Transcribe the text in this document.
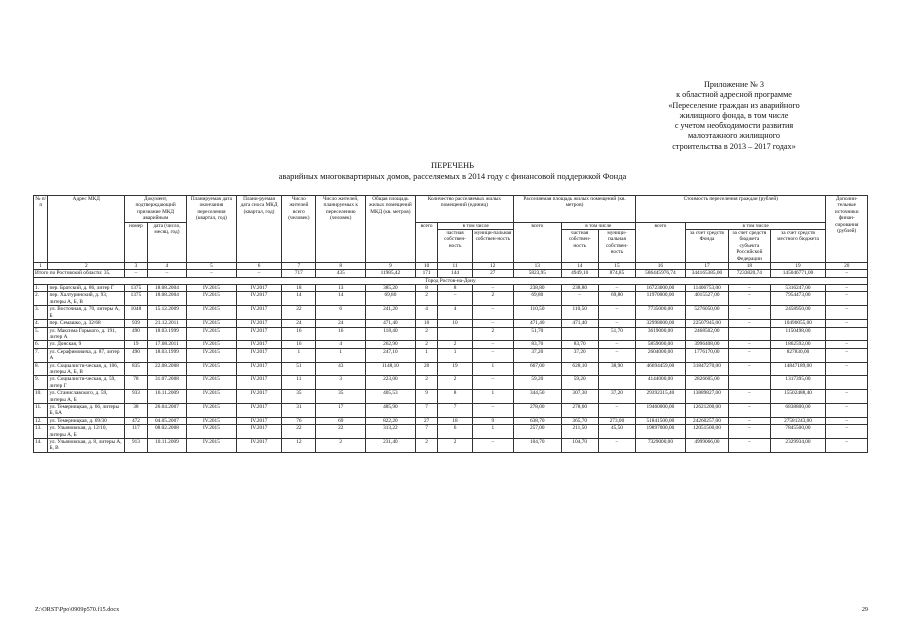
Приложение № 3
к областной адресной программе
«Переселение граждан из аварийного
жилищного фонда, в том числе
с учетом необходимости развития
малоэтажного жилищного
строительства в 2013 – 2017 годах»
ПЕРЕЧЕНЬ
аварийных многоквартирных домов, расселяемых в 2014 году с финансовой поддержкой Фонда
№ п/п	Адрес МКД	Документ, подтверждающий признание МКД аварийным		Планируемая дата окончания переселения (квартал, год)	Плани-руемая дата сноса МКД (квартал, год)	Число жителей всего (человек)	Число жителей, планируемых к переселению (человек)	Общая площадь жилых помещений МКД (кв. метров)	Количество расселяемых жилых помещений (единиц)			Расселяемая площадь жилых помещений (кв. метров)			Стоимость переселения граждан (рублей)				Дополни-тельные источники финан-сирования (рублей)
		номер	дата (число, месяц, год)						всего	в том числе		всего	в том числе		всего	в том числе			
										частная собствен-ность	муници-пальная собствен-ность		частная собствен-ность	муници-пальная собствен-ность		за счет средств Фонда	за счет средств бюджета субъекта Российской Федерации	за счет средств местного бюджета	
1	2	3	4	5	6	7	8	9	10	11	12	13	14	15	16	17	18	19	20
Итого по Ростовской области: 35.		–	–	–	–	717	435	11985,42	171	144	27	5823,95	4949,10	874,85	586445976,74	344165385,00	7233820,74	145046771,00	–
Город Ростов-на-Дону																			
1.	пер. Братский, д. 86, литер Г	1375	18.08.2004	IV.2015	IV.2017	18	13	385,20	8	8	–	238,80	238,80	–	16723000,00	11406753,00	–	5316247,00	–
2.	пер. Халтуринский, д. 93, литеры А, Б, В	1375	18.08.2004	IV.2015	IV.2017	14	14	69,80	2	–	2	69,80	–	69,80	11970000,00	4015527,00	–	7954473,00	–
3.	ул. Восточная, д. 70, литеры А, Б	1048	15.12.2009	IV.2015	IV.2017	22	6	241,20	4	4	–	110,50	110,50	–	7735000,00	5276050,00	–	2458950,00	–
4.	пер. Семашко, д. 32/68	939	21.12.2011	IV.2015	IV.2017	24	24	471,40	10	10	–	471,40	471,40	–	32998000,00	22507945,00	–	10490055,00	–
5.	ул. Максима Горького, д. 191, литер А	490	18.03.1999	IV.2015	IV.2017	16	16	118,40	2		2	51,70		51,70	3619000,00	2468502,00		1150498,00	
6.	ул. Донская, 9	19	17.08.2011	IV.2015	IV.2017	16	4	262,90	2	2	–	83,70	83,70	–	5859000,00	3996408,00	–	1862592,00	–
7.	ул. Серафимовича, д. 87, литер А	490	18.03.1999	IV.2015	IV.2017	1	1	247,10	1	1	–	37,20	37,20	–	2604000,00	1776170,00	–	827830,00	–
8.	ул. Социалисти-ческая, д. 106, литеры А, Б, В	835	22.08.2008	IV.2015	IV.2017	51	43	1148,10	20	19	1	667,00	628,10	38,90	46694459,00	31847270,00	–	14847189,00	–
9.	ул. Социалисти-ческая, д. 59, литер Г	78	31.07.2008	IV.2015	IV.2017	11	3	223,00	2	2	–	59,20	59,20		4144000,00	2826605,00		1317395,00	
10.	ул. Станиславского, д. 59, литеры А, Б	933	16.11.2009	IV.2015	IV.2017	35	35	405,53	9	8	1	344,50	307,30	37,20	29392315,40	13889827,00	–	15502488,40	–
11.	ул. Темерницкая, д. 66, литеры Б, БА	38	26.04.2007	IV.2015	IV.2017	31	17	485,90	7	7	–	278,00	278,00	–	19460000,00	12621200,00	–	6838800,00	–
12.	ул. Темерницкая, д. 69/30	472	04.05.2007	IV.2015	IV.2017	76	69	822,20	27	18	9	638,70	365,70	273,00	51841500,00	24260257,00	–	27581243,00	–
13.	ул. Ульяновская, д. 12/10, литеры А, Б	117	08.02.2008	IV.2015	IV.2017	22	22	313,22	7	6	1	257,00	211,50	45,50	19897000,00	12051500,00	–	7845500,00	–
14.	ул. Ульяновская, д. 8, литеры А, Б, В	913	10.11.2009	IV.2015	IV.2017	12	2	231,40	2	2	–	104,70	104,70	–	7329000,00	4999066,00	–	2329934,00	–
Z:\ORST\Ppo\0909p570.f15.docx	29
